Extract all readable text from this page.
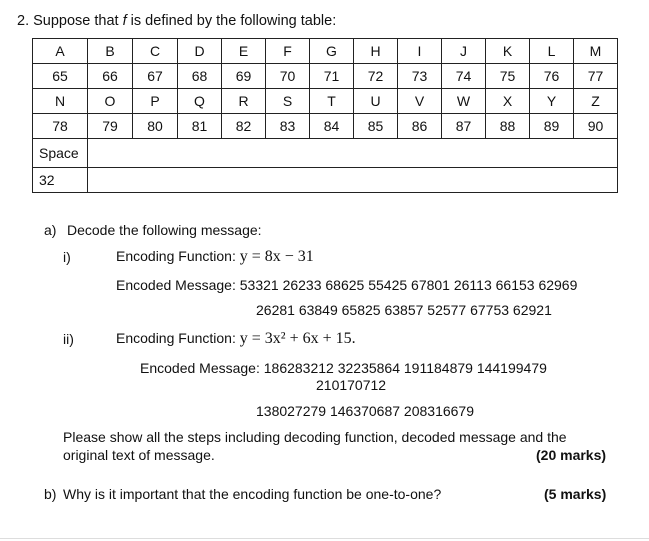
2. Suppose that f is defined by the following table:
A	B	C	D	E	F	G	H	I	J	K	L	M
65	66	67	68	69	70	71	72	73	74	75	76	77
N	O	P	Q	R	S	T	U	V	W	X	Y	Z
78	79	80	81	82	83	84	85	86	87	88	89	90
Space												
32												
a) Decode the following message:
i)	Encoding Function: y = 8x − 31
Encoded Message: 53321 26233 68625 55425 67801 26113 66153 62969
26281 63849 65825 63857 52577 67753 62921
ii)	Encoding Function: y = 3x² + 6x + 15.
Encoded Message: 186283212 32235864 191184879 144199479
210170712
138027279 146370687 208316679
Please show all the steps including decoding function, decoded message and the
original text of message.	(20 marks)
b) Why is it important that the encoding function be one-to-one?	(5 marks)
